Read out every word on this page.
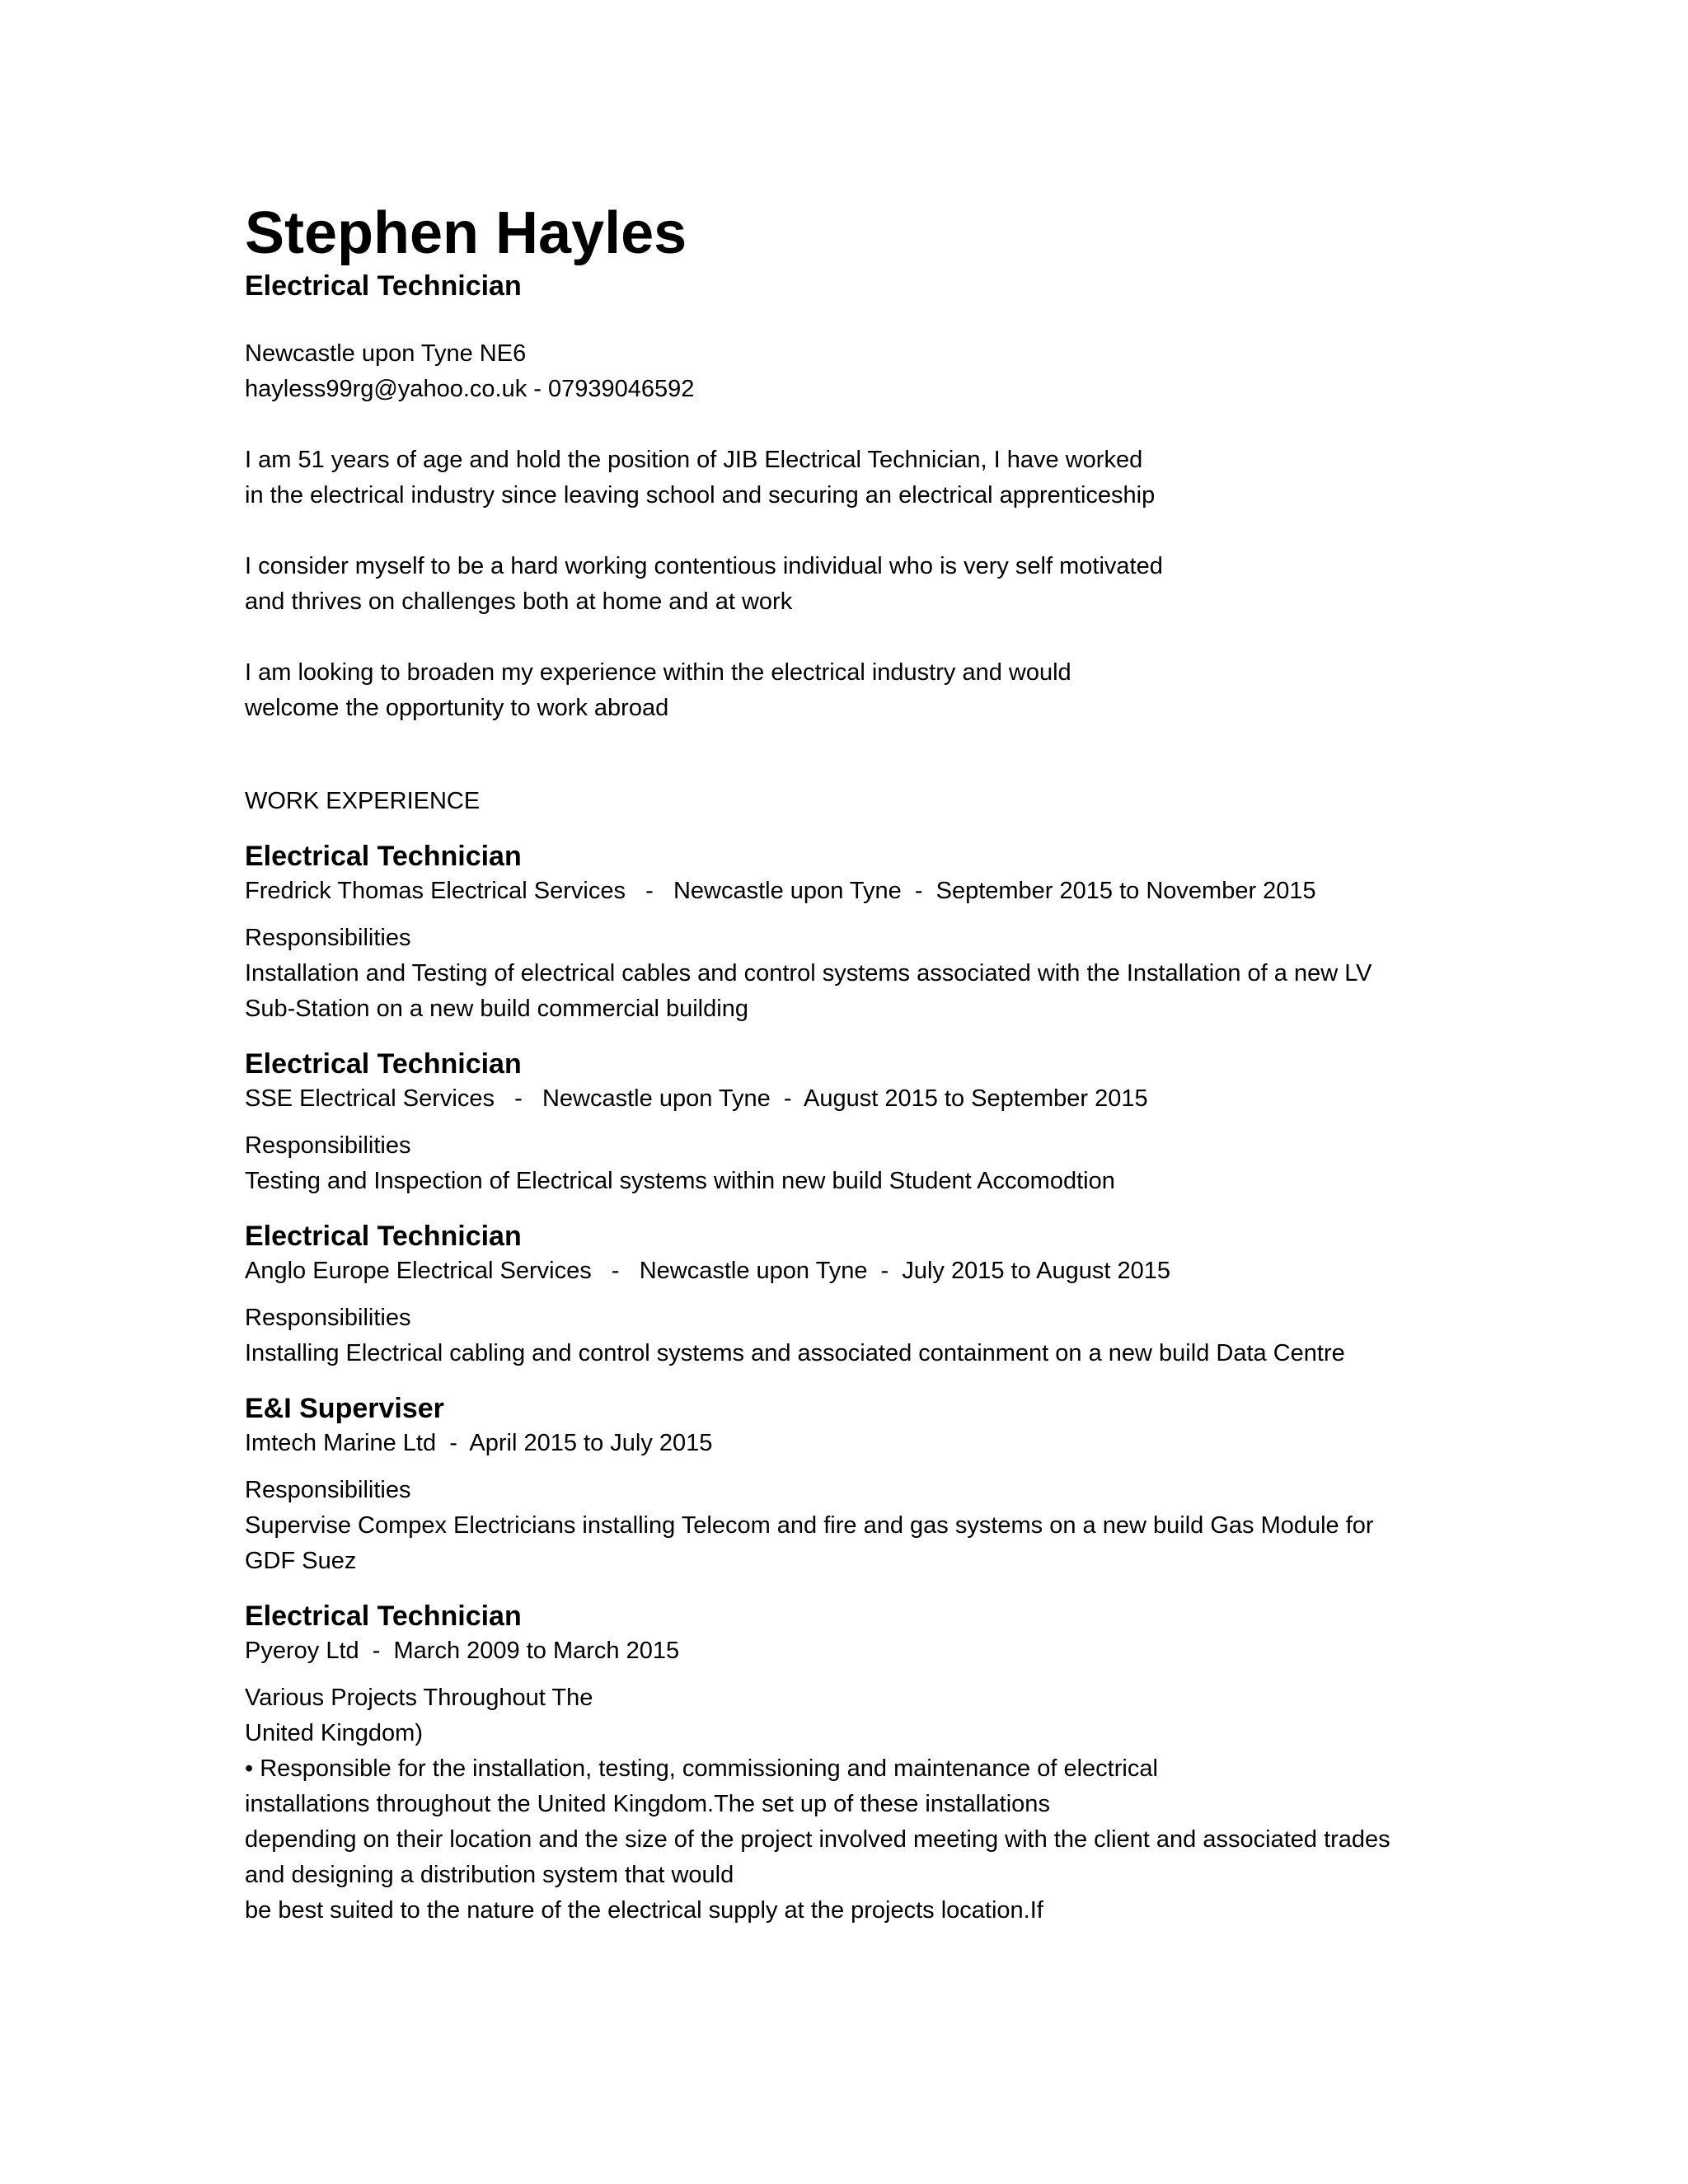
Stephen Hayles
Electrical Technician
Newcastle upon Tyne NE6
hayless99rg@yahoo.co.uk - 07939046592
I am 51 years of age and hold the position of JIB Electrical Technician, I have worked
in the electrical industry since leaving school and securing an electrical apprenticeship
I consider myself to be a hard working contentious individual who is very self motivated
and thrives on challenges both at home and at work
I am looking to broaden my experience within the electrical industry and would
welcome the opportunity to work abroad
WORK EXPERIENCE
Electrical Technician
Fredrick Thomas Electrical Services   -   Newcastle upon Tyne  -  September 2015 to November 2015
Responsibilities
Installation and Testing of electrical cables and control systems associated with the Installation of a new LV
Sub-Station on a new build commercial building
Electrical Technician
SSE Electrical Services   -   Newcastle upon Tyne  -  August 2015 to September 2015
Responsibilities
Testing and Inspection of Electrical systems within new build Student Accomodtion
Electrical Technician
Anglo Europe Electrical Services   -   Newcastle upon Tyne  -  July 2015 to August 2015
Responsibilities
Installing Electrical cabling and control systems and associated containment on a new build Data Centre
E&I Superviser
Imtech Marine Ltd  -  April 2015 to July 2015
Responsibilities
Supervise Compex Electricians installing Telecom and fire and gas systems on a new build Gas Module for
GDF Suez
Electrical Technician
Pyeroy Ltd  -  March 2009 to March 2015
Various Projects Throughout The
United Kingdom)
• Responsible for the installation, testing, commissioning and maintenance of electrical
installations throughout the United Kingdom.The set up of these installations
depending on their location and the size of the project involved meeting with the client and associated trades
and designing a distribution system that would
be best suited to the nature of the electrical supply at the projects location.If
